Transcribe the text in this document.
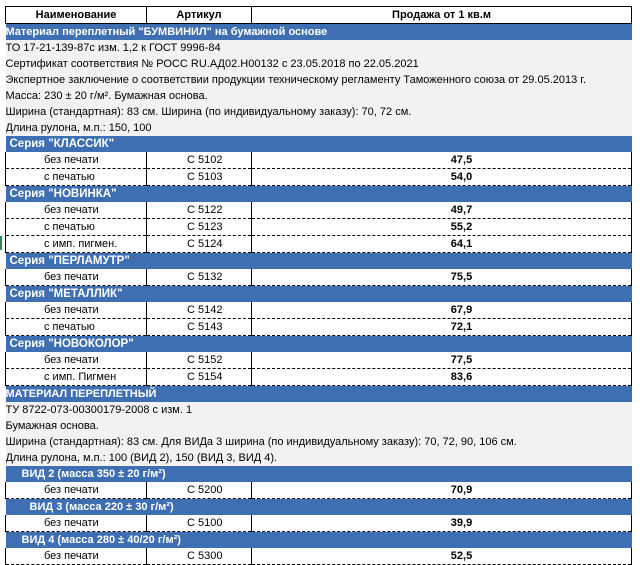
Наименование	Артикул	Продажа от 1 кв.м
Материал переплетный "БУМВИНИЛ" на бумажной основе		
ТО 17-21-139-87с изм. 1,2 к ГОСТ 9996-84		
Сертификат соответствия № РОСС RU.АД02.Н00132 с 23.05.2018 по 22.05.2021		
Экспертное заключение о соответствии продукции техническому регламенту Таможенного союза от 29.05.2013 г.		
Масса: 230 ± 20 г/м². Бумажная основа.		
Ширина (стандартная): 83 см. Ширина (по индивидуальному заказу): 70, 72 см.		
Длина рулона, м.п.: 150, 100		
Серия "КЛАССИК"		
без печати	С 5102	47,5
с печатью	С 5103	54,0
Серия "НОВИНКА"		
без печати	С 5122	49,7
с печатью	С 5123	55,2
с имп. пигмен.	С 5124	64,1
Серия "ПЕРЛАМУТР"		
без печати	С 5132	75,5
Серия "МЕТАЛЛИК"		
без печати	С 5142	67,9
с печатью	С 5143	72,1
Серия "НОВОКОЛОР"		
без печати	С 5152	77,5
с имп. Пигмен	С 5154	83,6
МАТЕРИАЛ ПЕРЕПЛЕТНЫЙ		
ТУ 8722-073-00300179-2008 с изм. 1		
Бумажная основа.		
Ширина (стандартная): 83 см. Для ВИДа 3 ширина (по индивидуальному заказу): 70, 72, 90, 106 см.		
Длина рулона, м.п.: 100 (ВИД 2), 150 (ВИД 3, ВИД 4).		
ВИД 2 (масса 350 ± 20 г/м²)		
без печати	С 5200	70,9
ВИД 3 (масса 220 ± 30 г/м²)		
без печати	С 5100	39,9
ВИД 4 (масса 280 ± 40/20 г/м²)		
без печати	С 5300	52,5
